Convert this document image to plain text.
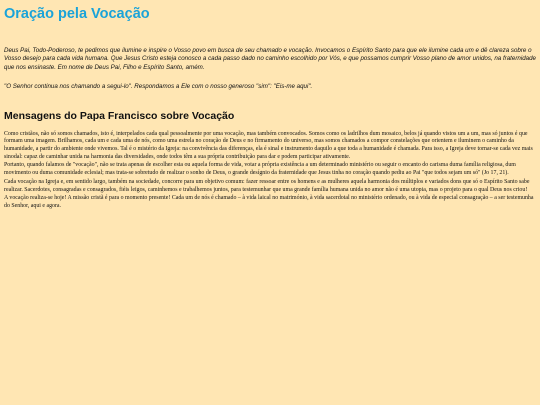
Oração pela Vocação
Deus Pai, Todo-Poderoso, te pedimos que ilumine e inspire o Vosso povo em busca de seu chamado e vocação. Invocamos o Espírito Santo para que ele ilumine cada um e dê clareza sobre o Vosso desejo para cada vida humana. Que Jesus Cristo esteja conosco a cada passo dado no caminho escolhido por Vós, e que possamos cumprir Vosso plano de amor unidos, na fraternidade que nos ensinaste. Em nome de Deus Pai, Filho e Espírito Santo, amém.
"O Senhor continua nos chamando a segui-lo". Respondamos a Ele com o nosso generoso "sim": "Eis-me aqui".
Mensagens do Papa Francisco sobre Vocação

Como cristãos, não só somos chamados, isto é, interpelados cada qual pessoalmente por uma vocação, mas também convocados. Somos como os ladrilhos dum mosaico, belos já quando vistos um a um, mas só juntos é que formam uma imagem. Brilhamos, cada um e cada uma de nós, como uma estrela no coração de Deus e no firmamento do universo, mas somos chamados a compor constelações que orientem e iluminem o caminho da humanidade, a partir do ambiente onde vivemos. Tal é o mistério da Igreja: na convivência das diferenças, ela é sinal e instrumento daquilo a que toda a humanidade é chamada. Para isso, a Igreja deve tornar-se cada vez mais sinodal: capaz de caminhar unida na harmonia das diversidades, onde todos têm a sua própria contribuição para dar e podem participar ativamente.

Portanto, quando falamos de "vocação", não se trata apenas de escolher esta ou aquela forma de vida, votar a própria existência a um determinado ministério ou seguir o encanto do carisma duma família religiosa, dum movimento ou duma comunidade eclesial; mas trata-se sobretudo de realizar o sonho de Deus, o grande desígnio da fraternidade que Jesus tinha no coração quando pediu ao Pai "que todos sejam um só" (Jo 17, 21).

Cada vocação na Igreja e, em sentido largo, também na sociedade, concorre para um objetivo comum: fazer ressoar entre os homens e as mulheres aquela harmonia dos múltiplos e variados dons que só o Espírito Santo sabe realizar. Sacerdotes, consagradas e consagrados, fiéis leigos, caminhemos e trabalhemos juntos, para testemunhar que uma grande família humana unida no amor não é uma utopia, mas o projeto para o qual Deus nos criou!

A vocação realiza-se hoje! A missão cristã é para o momento presente! Cada um de nós é chamado – à vida laical no matrimónio, à vida sacerdotal no ministério ordenado, ou à vida de especial consagração – a ser testemunha do Senhor, aqui e agora.
